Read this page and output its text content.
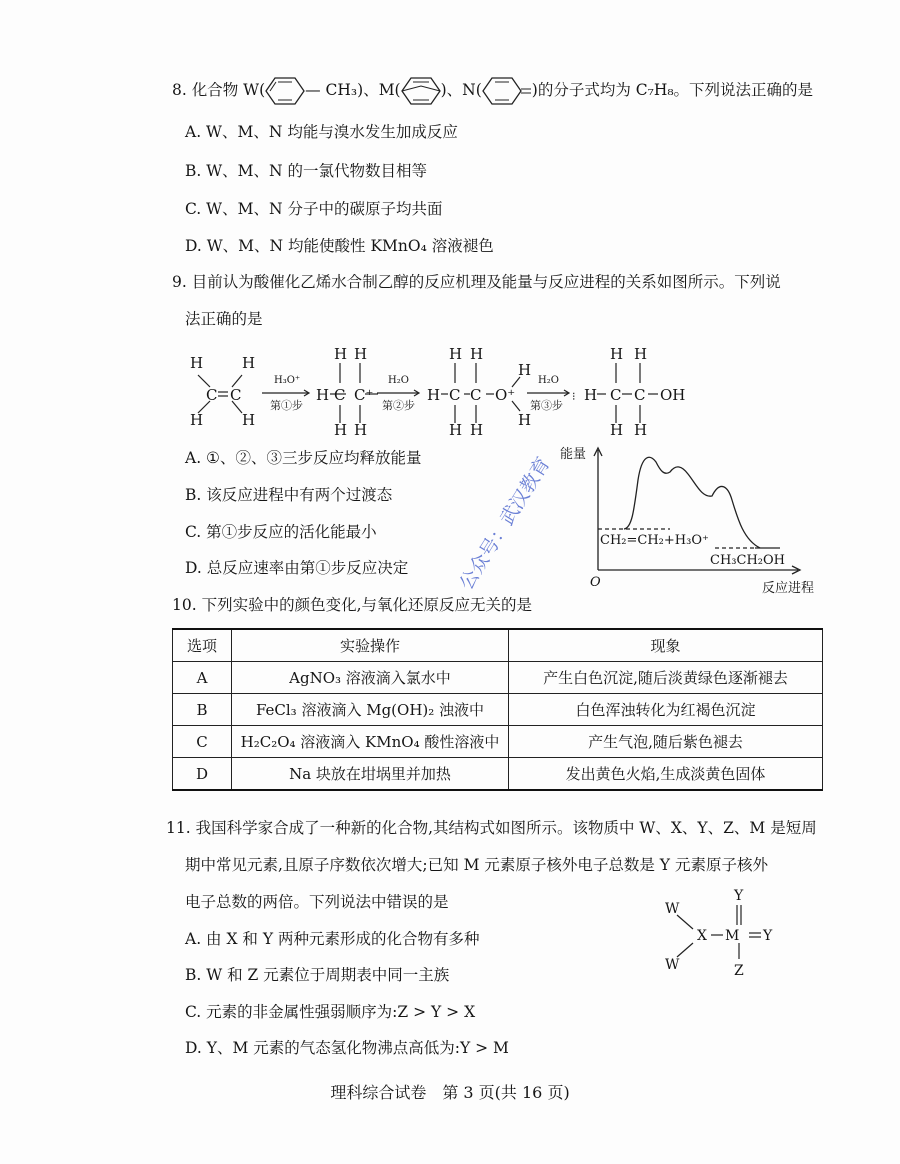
8. 化合物 W(	— CH₃)、M(	)、N(	)的分子式均为 C₇H₈。下列说法正确的是
A. W、M、N 均能与溴水发生加成反应
B. W、M、N 的一氯代物数目相等
C. W、M、N 分子中的碳原子均共面
D. W、M、N 均能使酸性 KMnO₄ 溶液褪色
9. 目前认为酸催化乙烯水合制乙醇的反应机理及能量与反应进程的关系如图所示。下列说
法正确的是
H
H
H
H
C C
H₃O⁺
第①步
H C C⁺
H H
H H
H₂O
第②步
H C C O⁺
H H
H H
H
H
H₂O
第③步
⁝ H C C OH
H H
H H
A. ①、②、③三步反应均释放能量
B. 该反应进程中有两个过渡态
C. 第①步反应的活化能最小
D. 总反应速率由第①步反应决定
能量
O	反应进程
CH₂=CH₂+H₃O⁺
CH₃CH₂OH
公众号：武汉教育
10. 下列实验中的颜色变化,与氧化还原反应无关的是
选项	实验操作	现象
A	AgNO₃ 溶液滴入氯水中	产生白色沉淀,随后淡黄绿色逐渐褪去
B	FeCl₃ 溶液滴入 Mg(OH)₂ 浊液中	白色浑浊转化为红褐色沉淀
C	H₂C₂O₄ 溶液滴入 KMnO₄ 酸性溶液中	产生气泡,随后紫色褪去
D	Na 块放在坩埚里并加热	发出黄色火焰,生成淡黄色固体
11. 我国科学家合成了一种新的化合物,其结构式如图所示。该物质中 W、X、Y、Z、M 是短周
期中常见元素,且原子序数依次增大;已知 M 元素原子核外电子总数是 Y 元素原子核外
电子总数的两倍。下列说法中错误的是
A. 由 X 和 Y 两种元素形成的化合物有多种
B. W 和 Z 元素位于周期表中同一主族
C. 元素的非金属性强弱顺序为:Z > Y > X
D. Y、M 元素的气态氢化物沸点高低为:Y > M
W
W
X M
Y
Y
Z
理科综合试卷　第 3 页(共 16 页)
